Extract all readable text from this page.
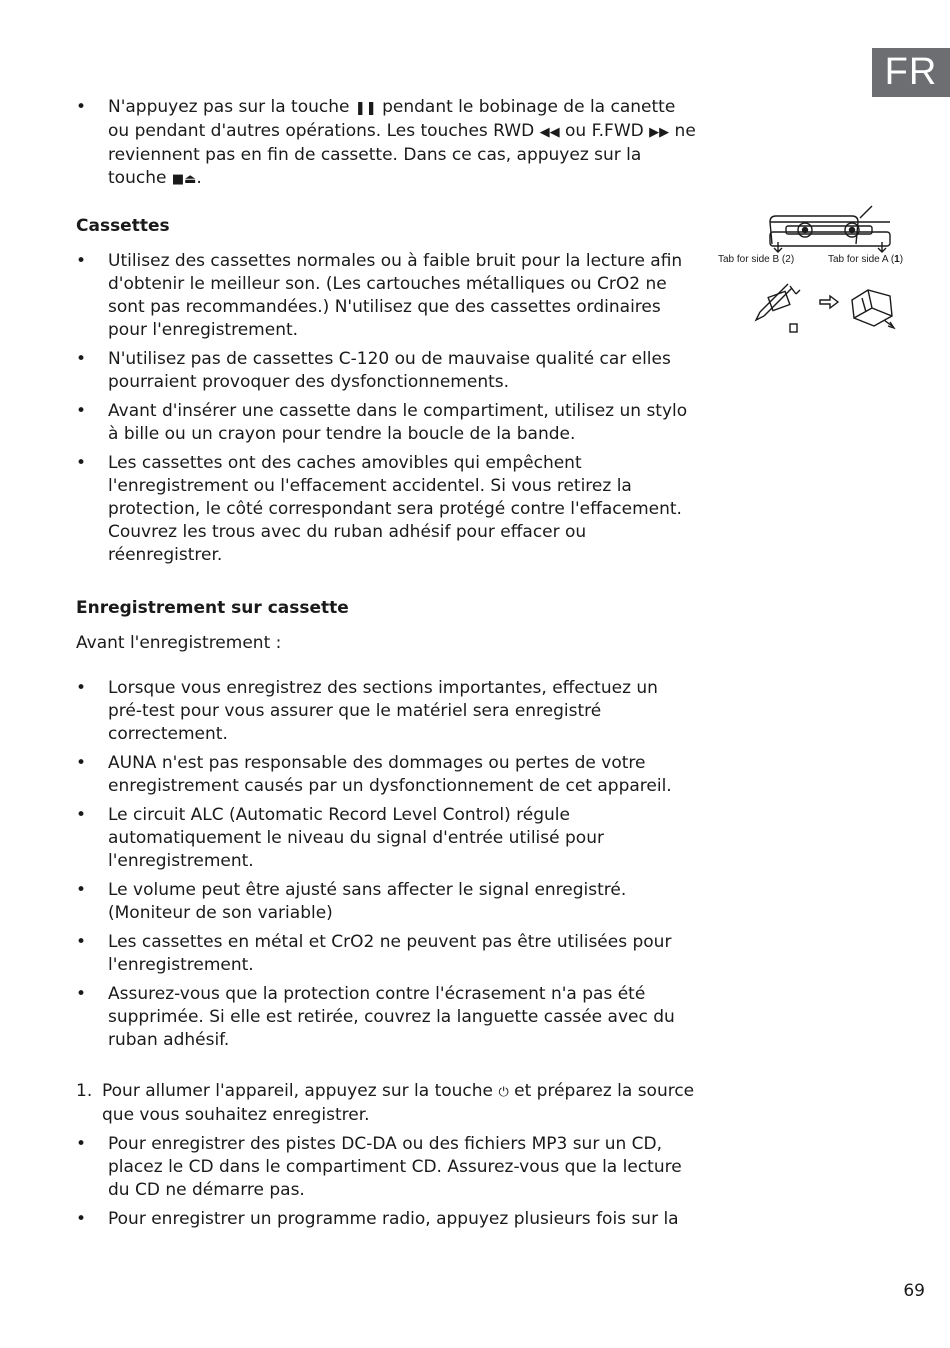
FR
• N'appuyez pas sur la touche ❚❚ pendant le bobinage de la canette ou pendant d'autres opérations. Les touches RWD ◀◀ ou F.FWD ▶▶ ne reviennent pas en fin de cassette. Dans ce cas, appuyez sur la touche ■⏏.
Cassettes
• Utilisez des cassettes normales ou à faible bruit pour la lecture afin d'obtenir le meilleur son. (Les cartouches métalliques ou CrO2 ne sont pas recommandées.) N'utilisez que des cassettes ordinaires pour l'enregistrement.
• N'utilisez pas de cassettes C-120 ou de mauvaise qualité car elles pourraient provoquer des dysfonctionnements.
• Avant d'insérer une cassette dans le compartiment, utilisez un stylo à bille ou un crayon pour tendre la boucle de la bande.
• Les cassettes ont des caches amovibles qui empêchent l'enregistrement ou l'effacement accidentel. Si vous retirez la protection, le côté correspondant sera protégé contre l'effacement. Couvrez les trous avec du ruban adhésif pour effacer ou réenregistrer.
Enregistrement sur cassette
Avant l'enregistrement :
• Lorsque vous enregistrez des sections importantes, effectuez un pré-test pour vous assurer que le matériel sera enregistré correctement.
• AUNA n'est pas responsable des dommages ou pertes de votre enregistrement causés par un dysfonctionnement de cet appareil.
• Le circuit ALC (Automatic Record Level Control) régule automatiquement le niveau du signal d'entrée utilisé pour l'enregistrement.
• Le volume peut être ajusté sans affecter le signal enregistré. (Moniteur de son variable)
• Les cassettes en métal et CrO2 ne peuvent pas être utilisées pour l'enregistrement.
• Assurez-vous que la protection contre l'écrasement n'a pas été supprimée. Si elle est retirée, couvrez la languette cassée avec du ruban adhésif.
1. Pour allumer l'appareil, appuyez sur la touche ⏻ et préparez la source que vous souhaitez enregistrer.
• Pour enregistrer des pistes DC-DA ou des fichiers MP3 sur un CD, placez le CD dans le compartiment CD. Assurez-vous que la lecture du CD ne démarre pas.
• Pour enregistrer un programme radio, appuyez plusieurs fois sur la
Tab for side B (2)	Tab for side A (1)
69
